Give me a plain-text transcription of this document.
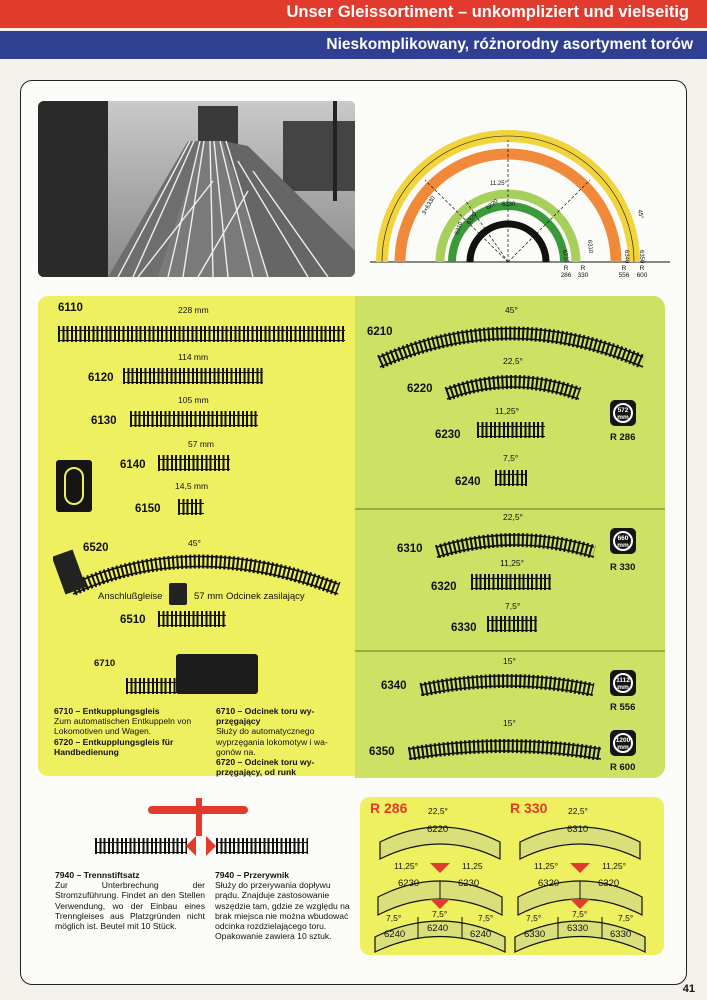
Unser Gleissortiment – unkompliziert und vielseitig
Nieskomplikowany, różnorodny asortyment torów
11,25°
3×6330	45°
6310
6320
6220 6230
6210
6310
6340 6350
R
286
R
330
R
556
R
600
6110	228 mm
114 mm
6120
105 mm
6130
57 mm
6140
14,5 mm
6150
6520	45°
Anschlußgleise	57 mm Odcinek zasilający
6510
6710
6710 – Entkupplungsgleis
Zum automatischen Entkuppeln von Lokomotiven und Wagen.
6720 – Entkupplungsgleis für Handbedienung
6710 – Odcinek toru wyprzęgający
Służy do automatycznego wyprzęgania lokomotyw i wagonów na.
6720 – Odcinek toru wyprzęgający, od runk
45°
6210
22,5°
6220
572 mm
11,25°
6230	R 286
7,5°
6240
22,5°
6310
660 mm
R 330
11,25°
6320
7,5°
6330
15°
6340	1112 mm
R 556
15°
6350
1200 mm
R 600
7940 – Trennstiftsatz
Zur Unterbrechung der Stromzuführung. Findet an den Stellen Verwendung, wo der Einbau eines Trenngleises aus Platzgründen nicht möglich ist. Beutel mit 10 Stück.
7940 – Przerywnik
Służy do przerywania dopływu prądu. Znajduje zastosowanie wszędzie tam, gdzie ze względu na brak miejsca nie można wbudować odcinka rozdzielającego toru. Opakowanie zawiera 10 sztuk.
R 286	R 330
22,5°
6220
22,5°
6310
11,25°	11,25
6230	6230
11,25°	11,25°
6320	6320
7,5°	7,5°	7,5°
6240
6240
6240
7,5°	7,5°	7,5°
6330
6330
6330
41
